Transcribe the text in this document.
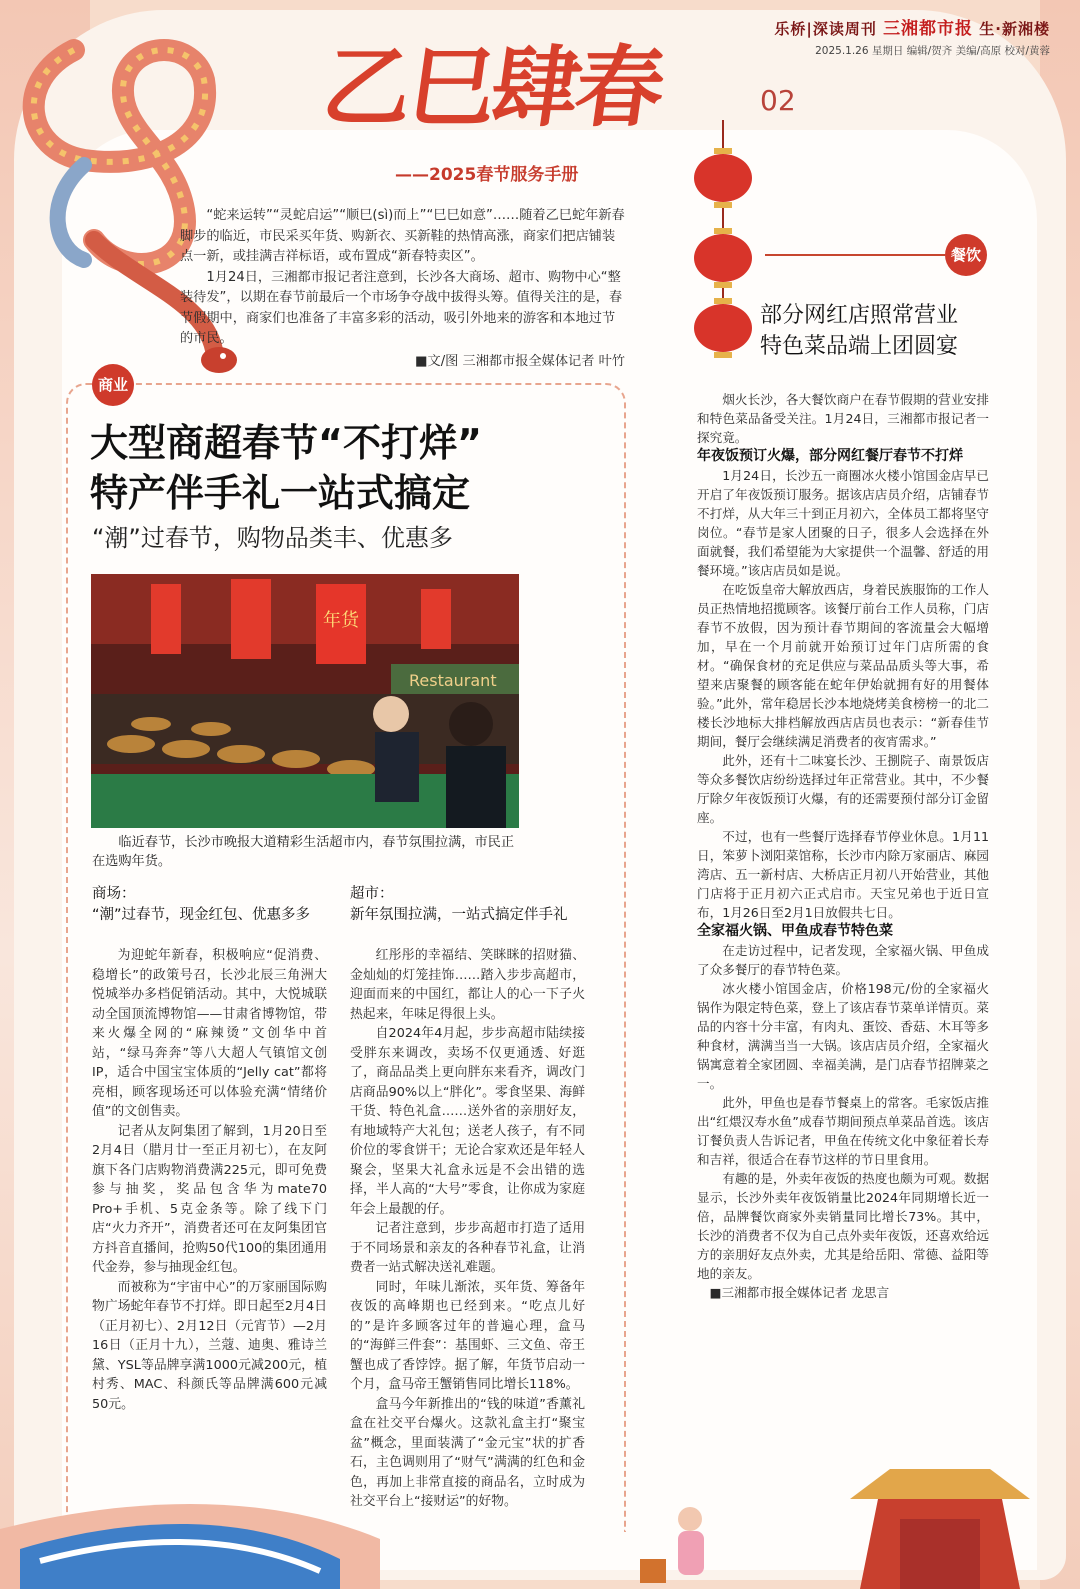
乐桥|深读周刊 三湘都市报 生·新湘楼
2025.1.26 星期日 编辑/贺齐 美编/高原 校对/黄蓉
乙巳肆春	02
——2025春节服务手册

“蛇来运转”“灵蛇启运”“顺巳(sì)而上”“巳巳如意”……随着乙巳蛇年新春脚步的临近，市民采买年货、购新衣、买新鞋的热情高涨，商家们把店铺装点一新，或挂满吉祥标语，或布置成“新春特卖区”。

1月24日，三湘都市报记者注意到，长沙各大商场、超市、购物中心“整装待发”，以期在春节前最后一个市场争夺战中拔得头筹。值得关注的是，春节假期中，商家们也准备了丰富多彩的活动，吸引外地来的游客和本地过节的市民。

■文/图 三湘都市报全媒体记者 叶竹

餐饮
部分网红店照常营业
特色菜品端上团圆宴
商业
大型商超春节“不打烊”
特产伴手礼一站式搞定
“潮”过春节，购物品类丰、优惠多
Restaurant
年货
临近春节，长沙市晚报大道精彩生活超市内，春节氛围拉满，市民正在选购年货。
商场：
“潮”过春节，现金红包、优惠多多
超市：
新年氛围拉满，一站式搞定伴手礼

为迎蛇年新春，积极响应“促消费、稳增长”的政策号召，长沙北辰三角洲大悦城举办多档促销活动。其中，大悦城联动全国顶流博物馆——甘肃省博物馆，带来火爆全网的“麻辣烫”文创华中首站，“绿马奔奔”等八大超人气镇馆文创IP，适合中国宝宝体质的“Jelly cat”都将亮相，顾客现场还可以体验充满“情绪价值”的文创售卖。

记者从友阿集团了解到，1月20日至2月4日（腊月廿一至正月初七），在友阿旗下各门店购物消费满225元，即可免费参与抽奖，奖品包含华为mate70 Pro+手机、5克金条等。除了线下门店“火力齐开”，消费者还可在友阿集团官方抖音直播间，抢购50代100的集团通用代金券，参与抽现金红包。

而被称为“宇宙中心”的万家丽国际购物广场蛇年春节不打烊。即日起至2月4日（正月初七）、2月12日（元宵节）—2月16日（正月十九），兰蔻、迪奥、雅诗兰黛、YSL等品牌享满1000元减200元，植村秀、MAC、科颜氏等品牌满600元减50元。

红彤彤的幸福结、笑眯眯的招财猫、金灿灿的灯笼挂饰……踏入步步高超市，迎面而来的中国红，都让人的心一下子火热起来，年味足得很上头。

自2024年4月起，步步高超市陆续接受胖东来调改，卖场不仅更通透、好逛了，商品品类上更向胖东来看齐，调改门店商品90%以上“胖化”。零食坚果、海鲜干货、特色礼盒……送外省的亲朋好友，有地域特产大礼包；送老人孩子，有不同价位的零食饼干；无论合家欢还是年轻人聚会，坚果大礼盒永远是不会出错的选择，半人高的“大号”零食，让你成为家庭年会上最靓的仔。

记者注意到，步步高超市打造了适用于不同场景和亲友的各种春节礼盒，让消费者一站式解决送礼难题。

同时，年味儿渐浓，买年货、筹备年夜饭的高峰期也已经到来。“吃点儿好的”是许多顾客过年的普遍心理，盒马的“海鲜三件套”：基围虾、三文鱼、帝王蟹也成了香饽饽。据了解，年货节启动一个月，盒马帝王蟹销售同比增长118%。

盒马今年新推出的“钱的味道”香薰礼盒在社交平台爆火。这款礼盒主打“聚宝盆”概念，里面装满了“金元宝”状的扩香石，主色调则用了“财气”满满的红色和金色，再加上非常直接的商品名，立时成为社交平台上“接财运”的好物。

烟火长沙，各大餐饮商户在春节假期的营业安排和特色菜品备受关注。1月24日，三湘都市报记者一探究竟。

年夜饭预订火爆，部分网红餐厅春节不打烊

1月24日，长沙五一商圈冰火楼小馆国金店早已开启了年夜饭预订服务。据该店店员介绍，店铺春节不打烊，从大年三十到正月初六，全体员工都将坚守岗位。“春节是家人团聚的日子，很多人会选择在外面就餐，我们希望能为大家提供一个温馨、舒适的用餐环境。”该店店员如是说。

在吃饭皇帝大解放西店，身着民族服饰的工作人员正热情地招揽顾客。该餐厅前台工作人员称，门店春节不放假，因为预计春节期间的客流量会大幅增加，早在一个月前就开始预订过年门店所需的食材。“确保食材的充足供应与菜品品质头等大事，希望来店聚餐的顾客能在蛇年伊始就拥有好的用餐体验。”此外，常年稳居长沙本地烧烤美食榜榜一的北二楼长沙地标大排档解放西店店员也表示：“新春佳节期间，餐厅会继续满足消费者的夜宵需求。”

此外，还有十二味宴长沙、王捌院子、南景饭店等众多餐饮店纷纷选择过年正常营业。其中，不少餐厅除夕年夜饭预订火爆，有的还需要预付部分订金留座。

不过，也有一些餐厅选择春节停业休息。1月11日，笨萝卜浏阳菜馆称，长沙市内除万家丽店、麻园湾店、五一新村店、大桥店正月初八开始营业，其他门店将于正月初六正式启市。天宝兄弟也于近日宣布，1月26日至2月1日放假共七日。

全家福火锅、甲鱼成春节特色菜

在走访过程中，记者发现，全家福火锅、甲鱼成了众多餐厅的春节特色菜。

冰火楼小馆国金店，价格198元/份的全家福火锅作为限定特色菜，登上了该店春节菜单详情页。菜品的内容十分丰富，有肉丸、蛋饺、香菇、木耳等多种食材，满满当当一大锅。该店店员介绍，全家福火锅寓意着全家团圆、幸福美满，是门店春节招牌菜之一。

此外，甲鱼也是春节餐桌上的常客。毛家饭店推出“红煨汉寿水鱼”成春节期间预点单菜品首选。该店订餐负责人告诉记者，甲鱼在传统文化中象征着长寿和吉祥，很适合在春节这样的节日里食用。

有趣的是，外卖年夜饭的热度也颇为可观。数据显示，长沙外卖年夜饭销量比2024年同期增长近一倍，品牌餐饮商家外卖销量同比增长73%。其中，长沙的消费者不仅为自己点外卖年夜饭，还喜欢给远方的亲朋好友点外卖，尤其是给岳阳、常德、益阳等地的亲友。

■三湘都市报全媒体记者 龙思言
